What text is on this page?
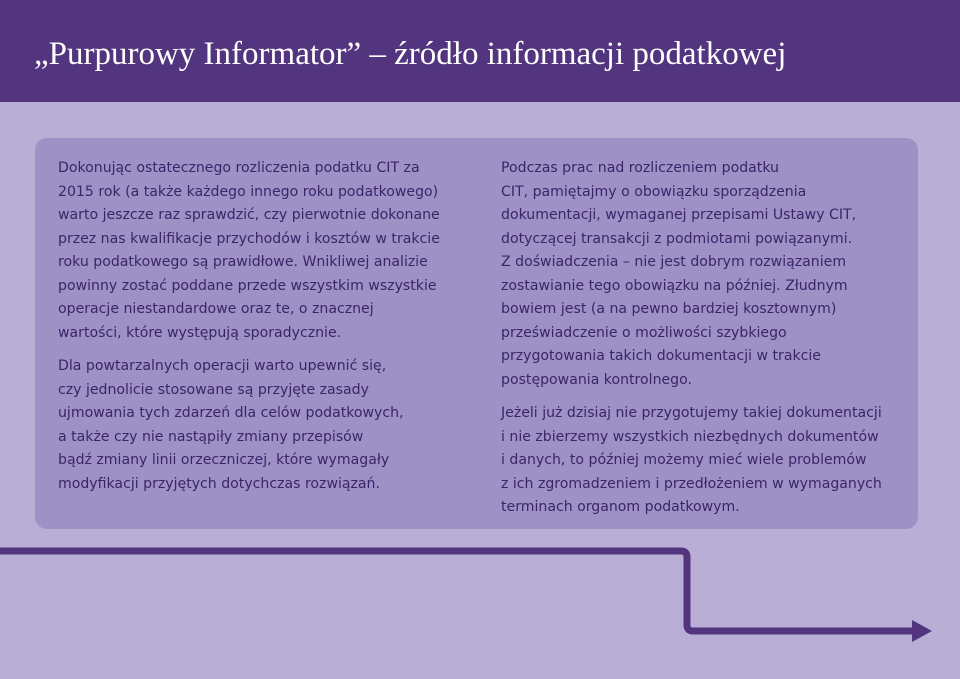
„Purpurowy Informator” – źródło informacji podatkowej

Dokonując ostatecznego rozliczenia podatku CIT za
2015 rok (a także każdego innego roku podatkowego)
warto jeszcze raz sprawdzić, czy pierwotnie dokonane
przez nas kwalifikacje przychodów i kosztów w trakcie
roku podatkowego są prawidłowe. Wnikliwej analizie
powinny zostać poddane przede wszystkim wszystkie
operacje niestandardowe oraz te, o znacznej
wartości, które występują sporadycznie.

Dla powtarzalnych operacji warto upewnić się,
czy jednolicie stosowane są przyjęte zasady
ujmowania tych zdarzeń dla celów podatkowych,
a także czy nie nastąpiły zmiany przepisów
bądź zmiany linii orzeczniczej, które wymagały
modyfikacji przyjętych dotychczas rozwiązań.

Podczas prac nad rozliczeniem podatku
CIT, pamiętajmy o obowiązku sporządzenia
dokumentacji, wymaganej przepisami Ustawy CIT,
dotyczącej transakcji z podmiotami powiązanymi.
Z doświadczenia – nie jest dobrym rozwiązaniem
zostawianie tego obowiązku na później. Złudnym
bowiem jest (a na pewno bardziej kosztownym)
przeświadczenie o możliwości szybkiego
przygotowania takich dokumentacji w trakcie
postępowania kontrolnego.

Jeżeli już dzisiaj nie przygotujemy takiej dokumentacji
i nie zbierzemy wszystkich niezbędnych dokumentów
i danych, to później możemy mieć wiele problemów
z ich zgromadzeniem i przedłożeniem w wymaganych
terminach organom podatkowym.
